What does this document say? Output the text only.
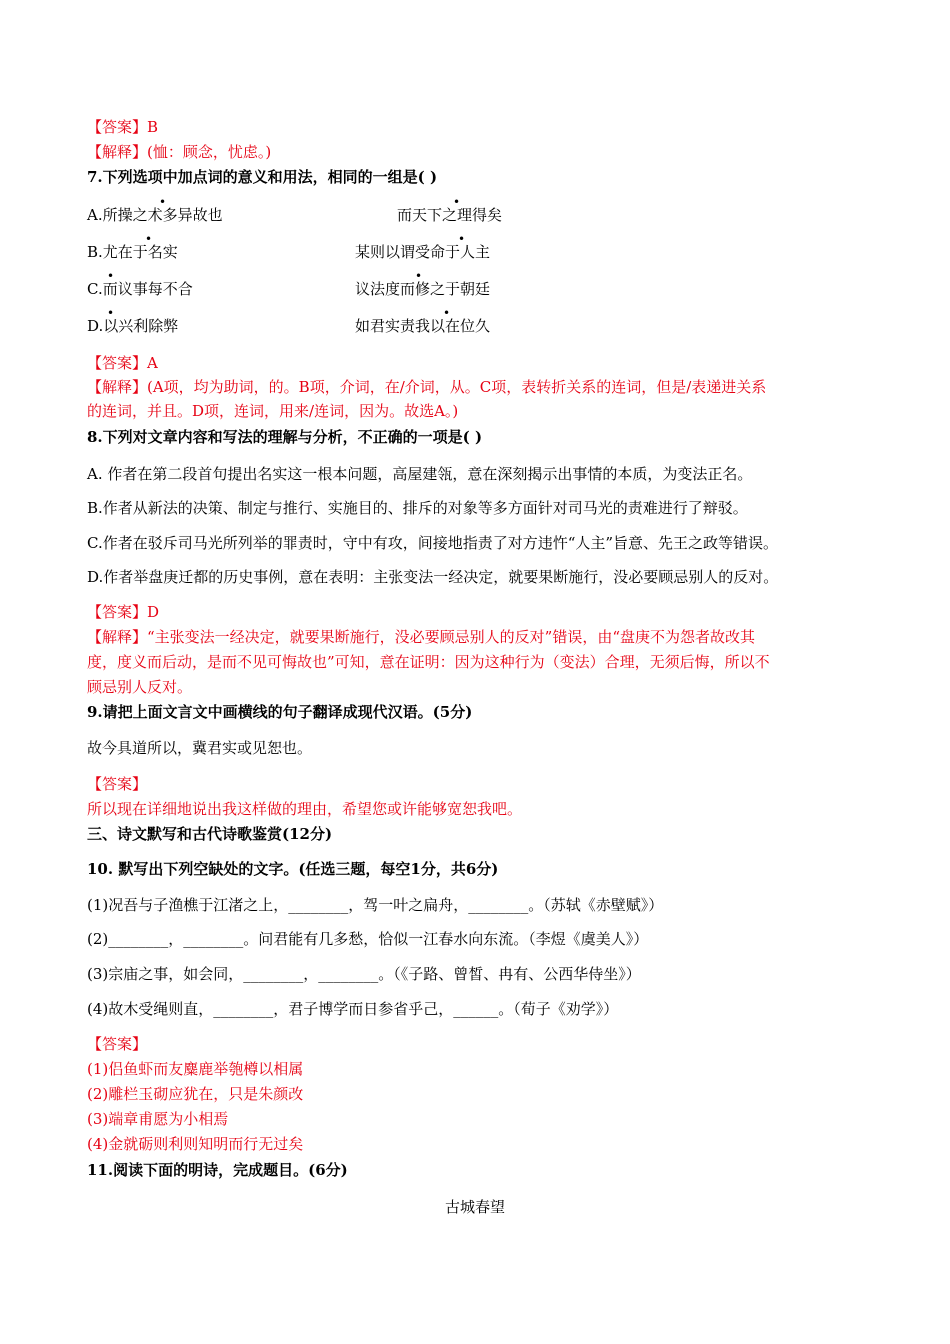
【答案】B
【解释】(恤：顾念，忧虑。)
7.下列选项中加点词的意义和用法，相同的一组是( )
•	•
A.所操之术多异故也	而天下之理得矣
•	•
B.尤在于名实	某则以谓受命于人主
•	•
C.而议事每不合	议法度而修之于朝廷
•	•
D.以兴利除弊	如君实责我以在位久
【答案】A
【解释】(A项，均为助词，的。B项，介词，在/介词，从。C项，表转折关系的连词，但是/表递进关系
的连词，并且。D项，连词，用来/连词，因为。故选A。)
8.下列对文章内容和写法的理解与分析，不正确的一项是( )
A. 作者在第二段首句提出名实这一根本问题，高屋建瓴，意在深刻揭示出事情的本质，为变法正名。
B.作者从新法的决策、制定与推行、实施目的、排斥的对象等多方面针对司马光的责难进行了辩驳。
C.作者在驳斥司马光所列举的罪责时，守中有攻，间接地指责了对方违忤“人主”旨意、先王之政等错误。
D.作者举盘庚迁都的历史事例，意在表明：主张变法一经决定，就要果断施行，没必要顾忌别人的反对。
【答案】D
【解释】“主张变法一经决定，就要果断施行，没必要顾忌别人的反对”错误，由“盘庚不为怨者故改其
度，度义而后动，是而不见可悔故也”可知，意在证明：因为这种行为（变法）合理，无须后悔，所以不
顾忌别人反对。
9.请把上面文言文中画横线的句子翻译成现代汉语。(5分)
故今具道所以，冀君实或见恕也。
【答案】
所以现在详细地说出我这样做的理由，希望您或许能够宽恕我吧。
三、诗文默写和古代诗歌鉴赏(12分)
10. 默写出下列空缺处的文字。(任选三题，每空1分，共6分)
(1)况吾与子渔樵于江渚之上，________，驾一叶之扁舟，________。（苏轼《赤壁赋》）
(2)________，________。问君能有几多愁，恰似一江春水向东流。（李煜《虞美人》）
(3)宗庙之事，如会同，________，________。（《子路、曾皙、冉有、公西华侍坐》）
(4)故木受绳则直，________，君子博学而日参省乎己，______。（荀子《劝学》）
【答案】
(1)侣鱼虾而友麋鹿举匏樽以相属
(2)雕栏玉砌应犹在，只是朱颜改
(3)端章甫愿为小相焉
(4)金就砺则利则知明而行无过矣
11.阅读下面的明诗，完成题目。(6分)
古城春望
